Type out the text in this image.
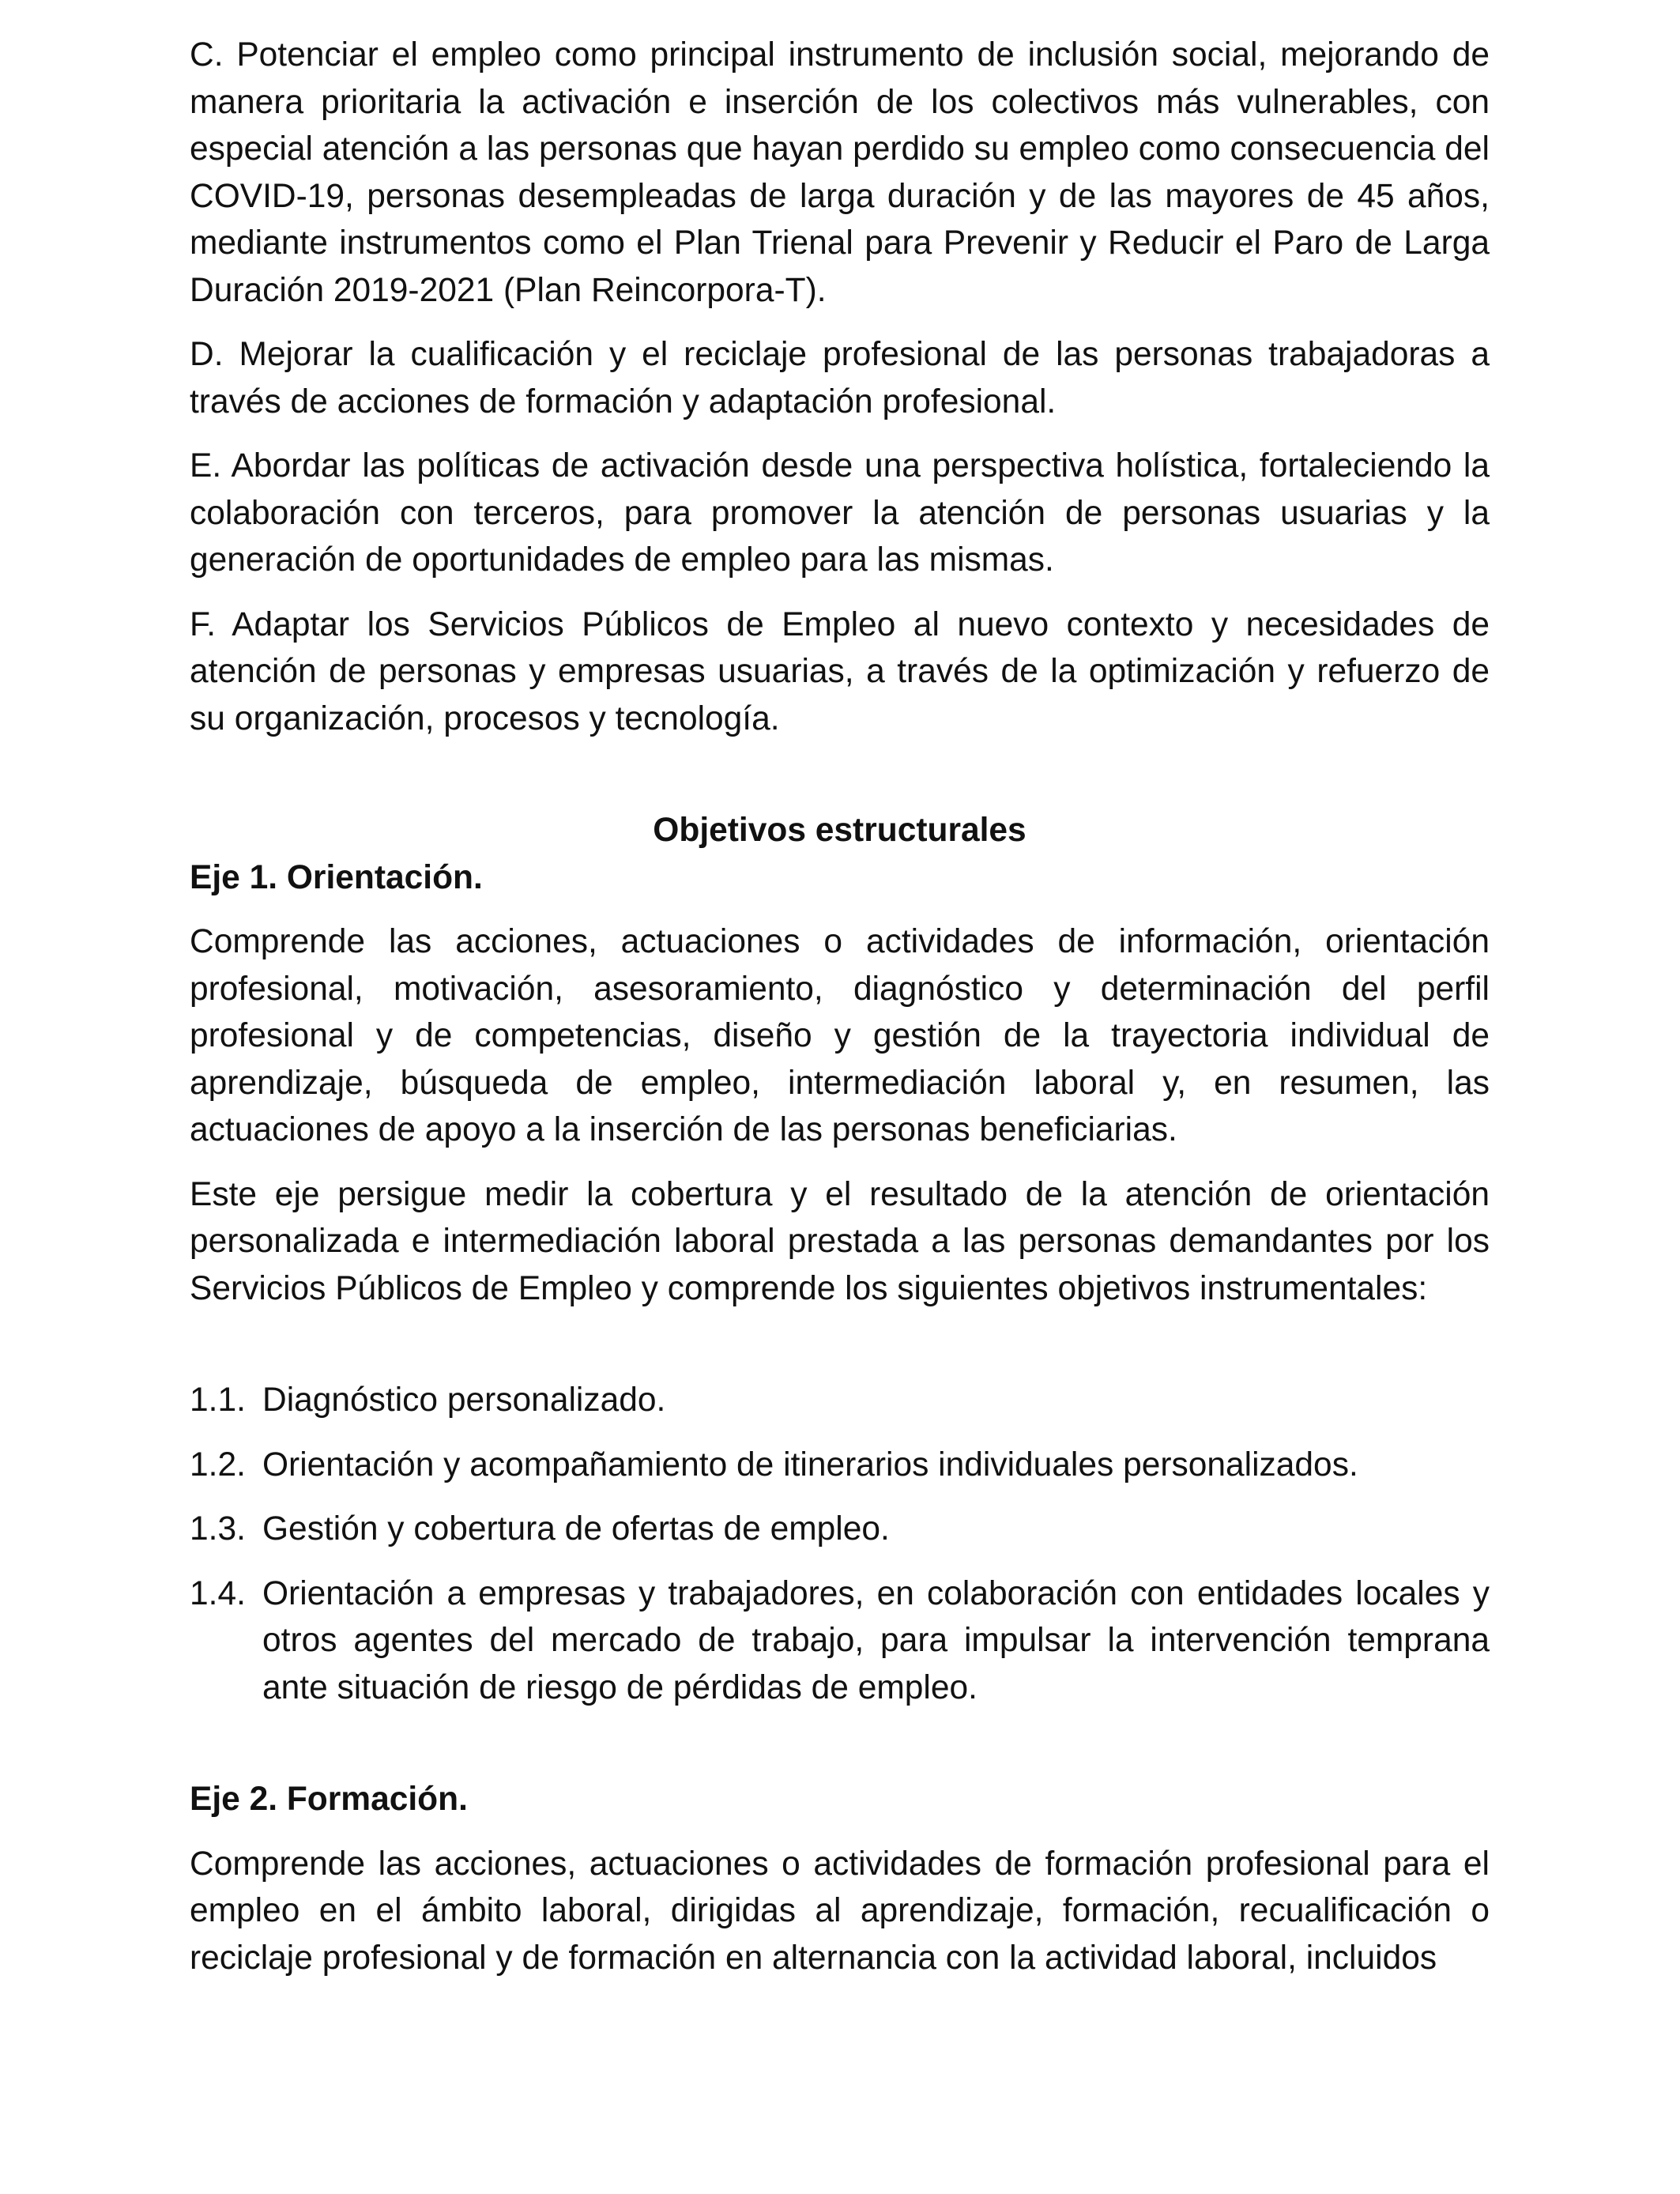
C. Potenciar el empleo como principal instrumento de inclusión social, mejorando de manera prioritaria la activación e inserción de los colectivos más vulnerables, con especial atención a las personas que hayan perdido su empleo como consecuencia del COVID-19, personas desempleadas de larga duración y de las mayores de 45 años, mediante instrumentos como el Plan Trienal para Prevenir y Reducir el Paro de Larga Duración 2019-2021 (Plan Reincorpora-T).

D. Mejorar la cualificación y el reciclaje profesional de las personas trabajadoras a través de acciones de formación y adaptación profesional.

E. Abordar las políticas de activación desde una perspectiva holística, fortaleciendo la colaboración con terceros, para promover la atención de personas usuarias y la generación de oportunidades de empleo para las mismas.

F. Adaptar los Servicios Públicos de Empleo al nuevo contexto y necesidades de atención de personas y empresas usuarias, a través de la optimización y refuerzo de su organización, procesos y tecnología.

Objetivos estructurales
Eje 1. Orientación.

Comprende las acciones, actuaciones o actividades de información, orientación profesional, motivación, asesoramiento, diagnóstico y determinación del perfil profesional y de competencias, diseño y gestión de la trayectoria individual de aprendizaje, búsqueda de empleo, intermediación laboral y, en resumen, las actuaciones de apoyo a la inserción de las personas beneficiarias.

Este eje persigue medir la cobertura y el resultado de la atención de orientación personalizada e intermediación laboral prestada a las personas demandantes por los Servicios Públicos de Empleo y comprende los siguientes objetivos instrumentales:

1.1. Diagnóstico personalizado.
1.2. Orientación y acompañamiento de itinerarios individuales personalizados.
1.3. Gestión y cobertura de ofertas de empleo.
1.4. Orientación a empresas y trabajadores, en colaboración con entidades locales y otros agentes del mercado de trabajo, para impulsar la intervención temprana ante situación de riesgo de pérdidas de empleo.
Eje 2. Formación.

Comprende las acciones, actuaciones o actividades de formación profesional para el empleo en el ámbito laboral, dirigidas al aprendizaje, formación, recualificación o reciclaje profesional y de formación en alternancia con la actividad laboral, incluidos
